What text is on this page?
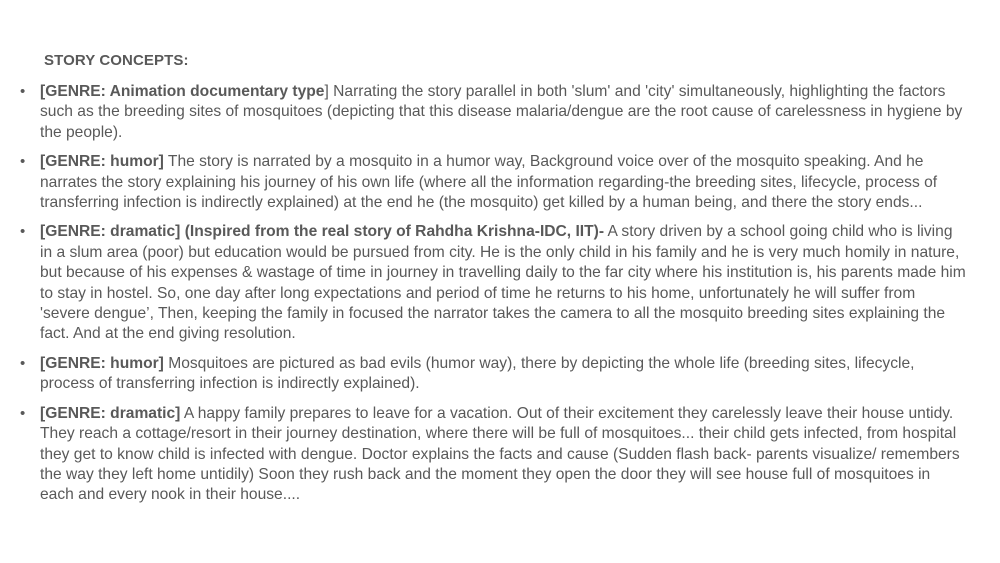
STORY CONCEPTS:
• [GENRE: Animation documentary type] Narrating the story parallel in both 'slum' and 'city' simultaneously, highlighting the factors such as the breeding sites of mosquitoes (depicting that this disease malaria/dengue are the root cause of carelessness in hygiene by the people).
• [GENRE: humor] The story is narrated by a mosquito in a humor way, Background voice over of the mosquito speaking. And he narrates the story explaining his journey of his own life (where all the information regarding-the breeding sites, lifecycle, process of transferring infection is indirectly explained) at the end he (the mosquito) get killed by a human being, and there the story ends...
• [GENRE: dramatic] (Inspired from the real story of Rahdha Krishna-IDC, IIT)- A story driven by a school going child who is living in a slum area (poor) but education would be pursued from city. He is the only child in his family and he is very much homily in nature, but because of his expenses & wastage of time in journey in travelling daily to the far city where his institution is, his parents made him to stay in hostel. So, one day after long expectations and period of time he returns to his home, unfortunately he will suffer from 'severe dengue’, Then, keeping the family in focused the narrator takes the camera to all the mosquito breeding sites explaining the fact. And at the end giving resolution.
• [GENRE: humor] Mosquitoes are pictured as bad evils (humor way), there by depicting the whole life (breeding sites, lifecycle, process of transferring infection is indirectly explained).
• [GENRE: dramatic] A happy family prepares to leave for a vacation. Out of their excitement they carelessly leave their house untidy. They reach a cottage/resort in their journey destination, where there will be full of mosquitoes... their child gets infected, from hospital they get to know child is infected with dengue. Doctor explains the facts and cause (Sudden flash back- parents visualize/ remembers the way they left home untidily) Soon they rush back and the moment they open the door they will see house full of mosquitoes in each and every nook in their house....
